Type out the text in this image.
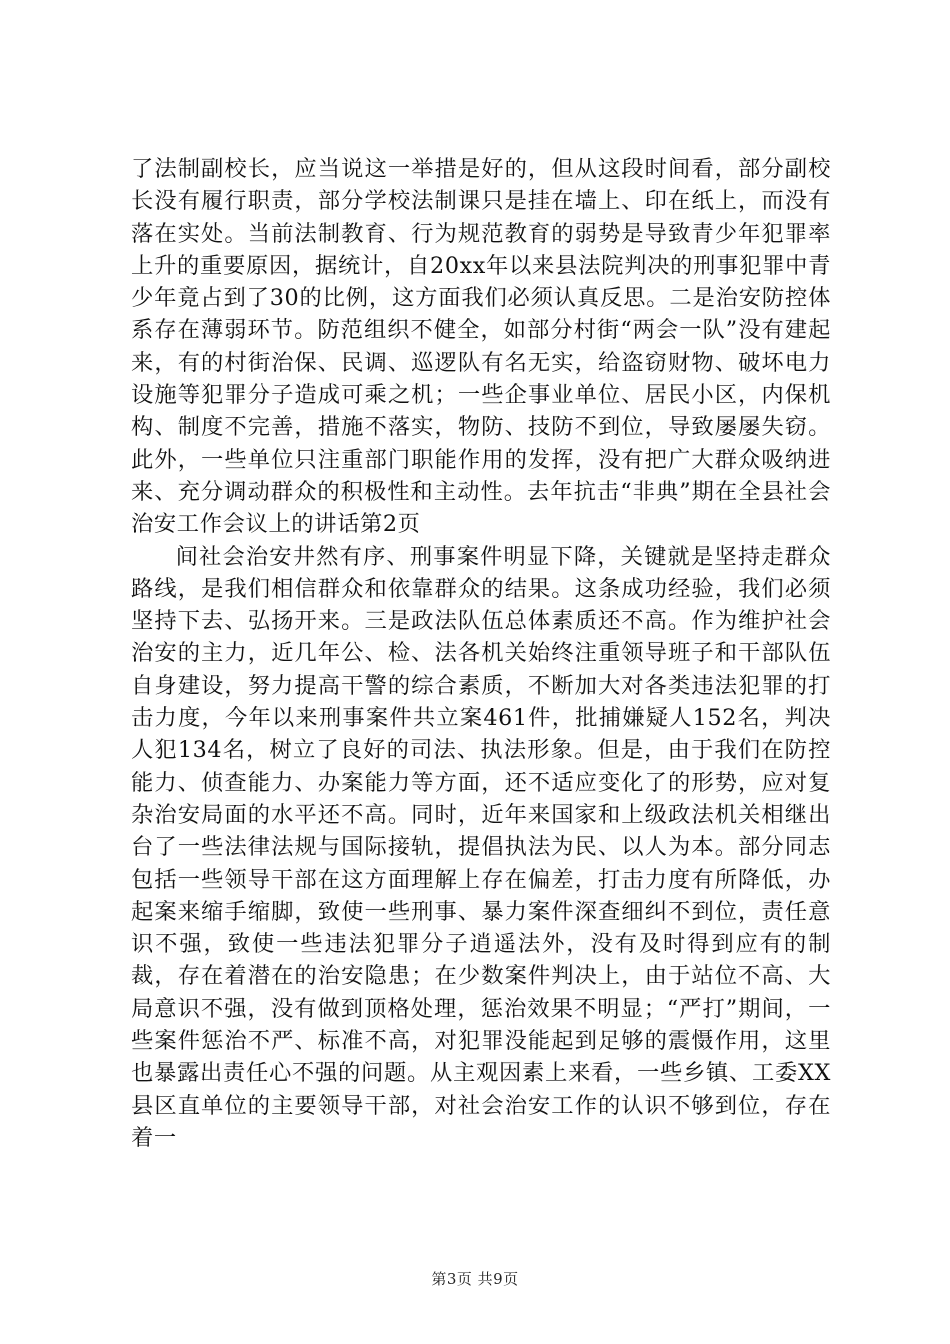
了法制副校长，应当说这一举措是好的，但从这段时间看，部分副校长没有履行职责，部分学校法制课只是挂在墙上、印在纸上，而没有落在实处。当前法制教育、行为规范教育的弱势是导致青少年犯罪率上升的重要原因，据统计，自20xx年以来县法院判决的刑事犯罪中青少年竟占到了30的比例，这方面我们必须认真反思。二是治安防控体系存在薄弱环节。防范组织不健全，如部分村街“两会一队”没有建起来，有的村街治保、民调、巡逻队有名无实，给盗窃财物、破坏电力设施等犯罪分子造成可乘之机；一些企事业单位、居民小区，内保机构、制度不完善，措施不落实，物防、技防不到位，导致屡屡失窃。此外，一些单位只注重部门职能作用的发挥，没有把广大群众吸纳进来、充分调动群众的积极性和主动性。去年抗击“非典”期在全县社会治安工作会议上的讲话第2页

间社会治安井然有序、刑事案件明显下降，关键就是坚持走群众路线，是我们相信群众和依靠群众的结果。这条成功经验，我们必须坚持下去、弘扬开来。三是政法队伍总体素质还不高。作为维护社会治安的主力，近几年公、检、法各机关始终注重领导班子和干部队伍自身建设，努力提高干警的综合素质，不断加大对各类违法犯罪的打击力度，今年以来刑事案件共立案461件，批捕嫌疑人152名，判决人犯134名，树立了良好的司法、执法形象。但是，由于我们在防控能力、侦查能力、办案能力等方面，还不适应变化了的形势，应对复杂治安局面的水平还不高。同时，近年来国家和上级政法机关相继出台了一些法律法规与国际接轨，提倡执法为民、以人为本。部分同志包括一些领导干部在这方面理解上存在偏差，打击力度有所降低，办起案来缩手缩脚，致使一些刑事、暴力案件深查细纠不到位，责任意识不强，致使一些违法犯罪分子逍遥法外，没有及时得到应有的制裁，存在着潜在的治安隐患；在少数案件判决上，由于站位不高、大局意识不强，没有做到顶格处理，惩治效果不明显；“严打”期间，一些案件惩治不严、标准不高，对犯罪没能起到足够的震慑作用，这里也暴露出责任心不强的问题。从主观因素上来看，一些乡镇、工委XX县区直单位的主要领导干部，对社会治安工作的认识不够到位，存在着一

第3页 共9页
